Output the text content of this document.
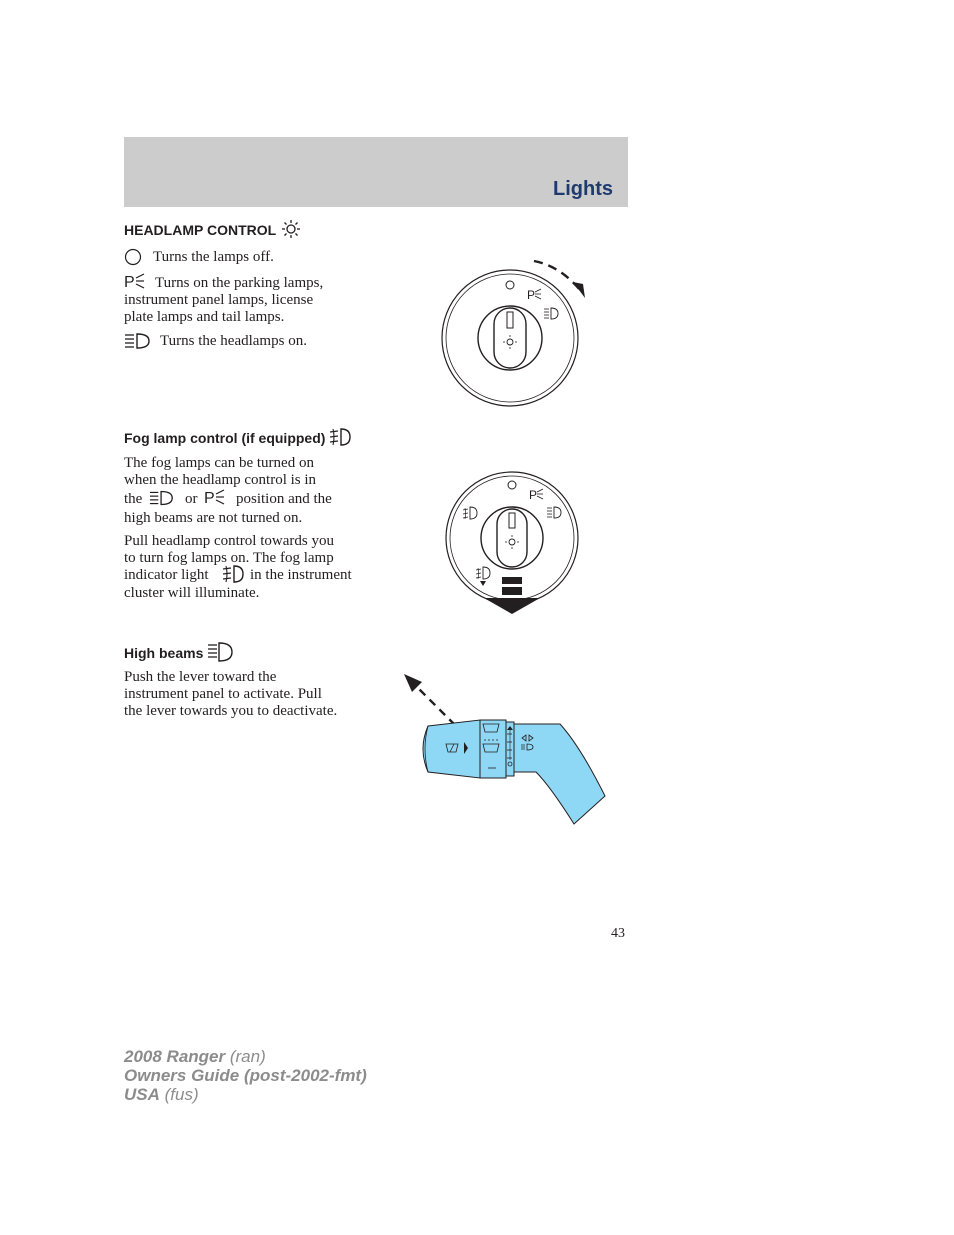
Lights
HEADLAMP CONTROL
Turns the lamps off.
P Turns on the parking lamps,
instrument panel lamps, license
plate lamps and tail lamps.
Turns the headlamps on.
P
Fog lamp control (if equipped)
The fog lamps can be turned on
when the headlamp control is in
the	or P position and the
high beams are not turned on.
Pull headlamp control towards you
to turn fog lamps on. The fog lamp
indicator light	in the instrument
cluster will illuminate.
P
High beams
Push the lever toward the
instrument panel to activate. Pull
the lever towards you to deactivate.
43
2008 Ranger (ran)
Owners Guide (post-2002-fmt)
USA (fus)
